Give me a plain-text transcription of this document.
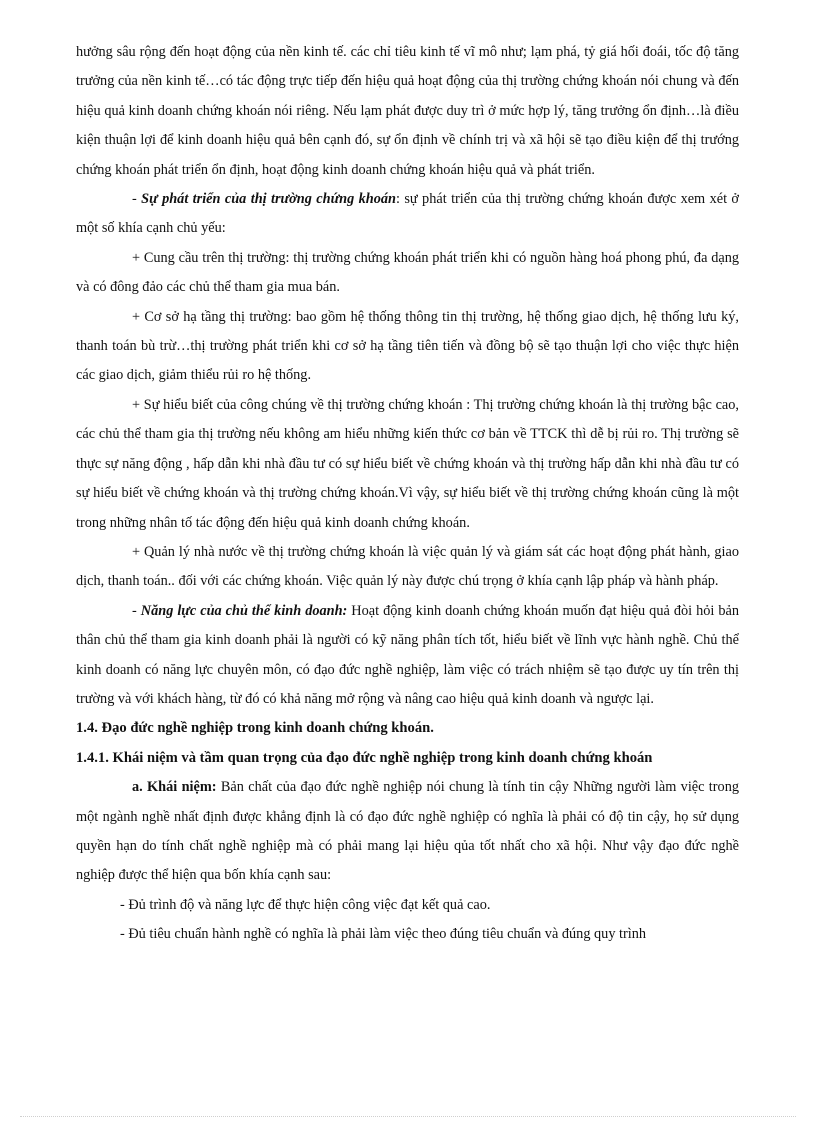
hưởng sâu rộng đến hoạt động của nền kinh tế. các chỉ tiêu kinh tế vĩ mô như; lạm phá, tỷ giá hối đoái, tốc độ tăng trưởng của nền kinh tế…có tác động trực tiếp đến hiệu quả hoạt động của thị trường chứng khoán nói chung và đến hiệu quả kinh doanh chứng khoán nói riêng. Nếu lạm phát được duy trì ở mức hợp lý, tăng trưởng ổn định…là điều kiện thuận lợi để kinh doanh hiệu quả bên cạnh đó, sự ổn định về chính trị và xã hội sẽ tạo điều kiện để thị trướng chứng khoán phát triển ổn định, hoạt động kinh doanh chứng khoán hiệu quả và phát triển.

- Sự phát triển của thị trường chứng khoán: sự phát triển của thị trường chứng khoán được xem xét ở một số khía cạnh chủ yếu:

+ Cung cầu trên thị trường: thị trường chứng khoán phát triển khi có nguồn hàng hoá phong phú, đa dạng và có đông đảo các chủ thể tham gia mua bán.

+ Cơ sở hạ tầng thị trường: bao gồm hệ thống thông tin thị trường, hệ thống giao dịch, hệ thống lưu ký, thanh toán bù trừ…thị trường phát triển khi cơ sở hạ tầng tiên tiến và đồng bộ sẽ tạo thuận lợi cho việc thực hiện các giao dịch, giảm thiểu rủi ro hệ thống.

+ Sự hiểu biết của công chúng về thị trường chứng khoán : Thị trường chứng khoán là thị trường bậc cao, các chủ thể tham gia thị trường nếu không am hiểu những kiến thức cơ bản về TTCK thì dễ bị rủi ro. Thị trường sẽ thực sự năng động , hấp dẫn khi nhà đầu tư có sự hiểu biết về chứng khoán và thị trường hấp dẫn khi nhà đầu tư có sự hiểu biết về chứng khoán và thị trường chứng khoán.Vì vậy, sự hiểu biết về thị trường chứng khoán cũng là một trong những nhân tố tác động đến hiệu quả kinh doanh chứng khoán.

+ Quản lý nhà nước về thị trường chứng khoán là việc quản lý và giám sát các hoạt động phát hành, giao dịch, thanh toán.. đối với các chứng khoán. Việc quản lý này được chú trọng ở khía cạnh lập pháp và hành pháp.

- Năng lực của chủ thể kinh doanh: Hoạt động kinh doanh chứng khoán muốn đạt hiệu quả đòi hỏi bản thân chủ thể tham gia kinh doanh phải là người có kỹ năng phân tích tốt, hiểu biết về lĩnh vực hành nghề. Chủ thể kinh doanh có năng lực chuyên môn, có đạo đức nghề nghiệp, làm việc có trách nhiệm sẽ tạo được uy tín trên thị trường và với khách hàng, từ đó có khả năng mở rộng và nâng cao hiệu quả kinh doanh và ngược lại.

1.4. Đạo đức nghề nghiệp trong kinh doanh chứng khoán.

1.4.1. Khái niệm và tầm quan trọng của đạo đức nghề nghiệp trong kinh doanh chứng khoán

a. Khái niệm: Bản chất của đạo đức nghề nghiệp nói chung là tính tin cậy Những người làm việc trong một ngành nghề nhất định được khẳng định là có đạo đức nghề nghiệp có nghĩa là phải có độ tin cậy, họ sử dụng quyền hạn do tính chất nghề nghiệp mà có phải mang lại hiệu qủa tốt nhất cho xã hội. Như vậy đạo đức nghề nghiệp được thể hiện qua bốn khía cạnh sau:

- Đủ trình độ và năng lực để thực hiện công việc đạt kết quả cao.

- Đủ tiêu chuẩn hành nghề có nghĩa là phải làm việc theo đúng tiêu chuẩn và đúng quy trình
